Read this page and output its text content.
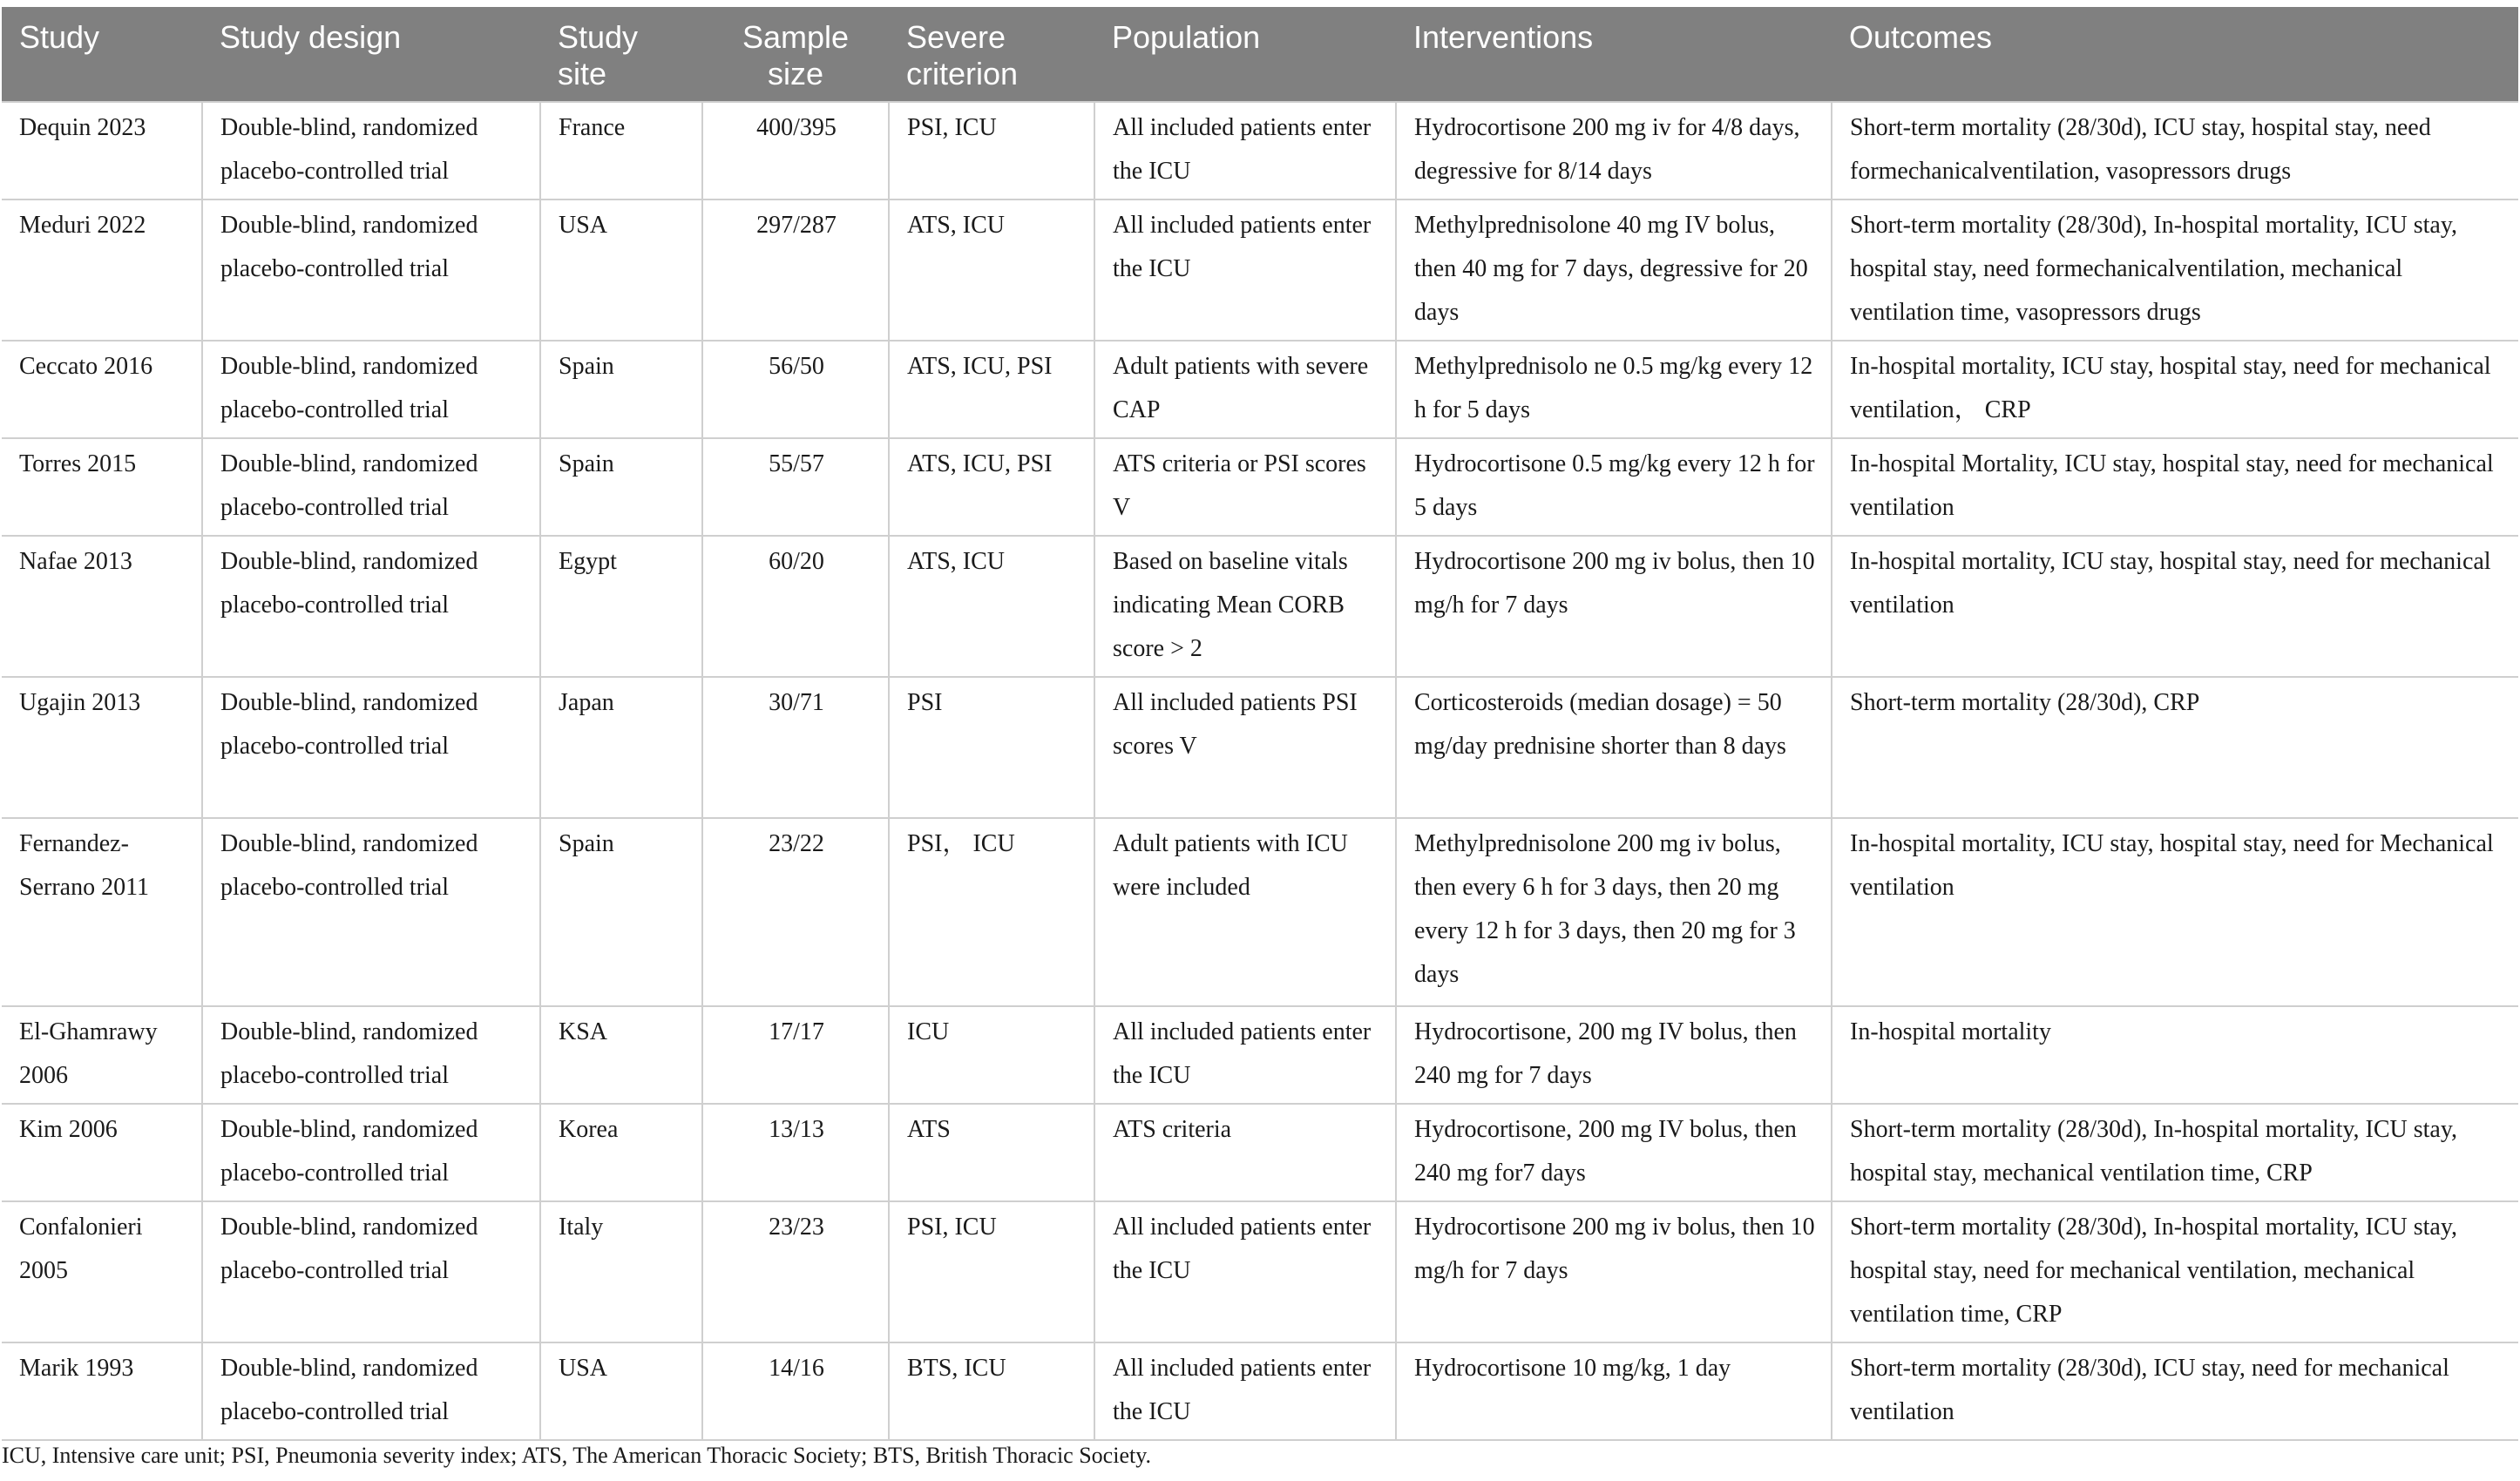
Study	Study design	Study site	Sample size	Severe criterion	Population	Interventions	Outcomes
Dequin 2023	Double-blind, randomized placebo-controlled trial	France	400/395	PSI, ICU	All included patients enter the ICU	Hydrocortisone 200 mg iv for 4/8 days, degressive for 8/14 days	Short-term mortality (28/30d), ICU stay, hospital stay, need formechanicalventilation, vasopressors drugs
Meduri 2022	Double-blind, randomized placebo-controlled trial	USA	297/287	ATS, ICU	All included patients enter the ICU	Methylprednisolone 40 mg IV bolus, then 40 mg for 7 days, degressive for 20 days	Short-term mortality (28/30d), In-hospital mortality, ICU stay, hospital stay, need formechanicalventilation, mechanical ventilation time, vasopressors drugs
Ceccato 2016	Double-blind, randomized placebo-controlled trial	Spain	56/50	ATS, ICU, PSI	Adult patients with severe CAP	Methylprednisolo ne 0.5 mg/kg every 12 h for 5 days	In-hospital mortality, ICU stay, hospital stay, need for mechanical ventilation， CRP
Torres 2015	Double-blind, randomized placebo-controlled trial	Spain	55/57	ATS, ICU, PSI	ATS criteria or PSI scores V	Hydrocortisone 0.5 mg/kg every 12 h for 5 days	In-hospital Mortality, ICU stay, hospital stay, need for mechanical ventilation
Nafae 2013	Double-blind, randomized placebo-controlled trial	Egypt	60/20	ATS, ICU	Based on baseline vitals indicating Mean CORB score > 2	Hydrocortisone 200 mg iv bolus, then 10 mg/h for 7 days	In-hospital mortality, ICU stay, hospital stay, need for mechanical ventilation
Ugajin 2013	Double-blind, randomized placebo-controlled trial	Japan	30/71	PSI	All included patients PSI scores V	Corticosteroids (median dosage) = 50 mg/day prednisine shorter than 8 days	Short-term mortality (28/30d), CRP
Fernandez-Serrano 2011	Double-blind, randomized placebo-controlled trial	Spain	23/22	PSI， ICU	Adult patients with ICU were included	Methylprednisolone 200 mg iv bolus, then every 6 h for 3 days, then 20 mg every 12 h for 3 days, then 20 mg for 3 days	In-hospital mortality, ICU stay, hospital stay, need for Mechanical ventilation
El-Ghamrawy 2006	Double-blind, randomized placebo-controlled trial	KSA	17/17	ICU	All included patients enter the ICU	Hydrocortisone, 200 mg IV bolus, then 240 mg for 7 days	In-hospital mortality
Kim 2006	Double-blind, randomized placebo-controlled trial	Korea	13/13	ATS	ATS criteria	Hydrocortisone, 200 mg IV bolus, then 240 mg for7 days	Short-term mortality (28/30d), In-hospital mortality, ICU stay, hospital stay, mechanical ventilation time, CRP
Confalonieri 2005	Double-blind, randomized placebo-controlled trial	Italy	23/23	PSI, ICU	All included patients enter the ICU	Hydrocortisone 200 mg iv bolus, then 10 mg/h for 7 days	Short-term mortality (28/30d), In-hospital mortality, ICU stay, hospital stay, need for mechanical ventilation, mechanical ventilation time, CRP
Marik 1993	Double-blind, randomized placebo-controlled trial	USA	14/16	BTS, ICU	All included patients enter the ICU	Hydrocortisone 10 mg/kg, 1 day	Short-term mortality (28/30d), ICU stay, need for mechanical ventilation
ICU, Intensive care unit; PSI, Pneumonia severity index; ATS, The American Thoracic Society; BTS, British Thoracic Society.
